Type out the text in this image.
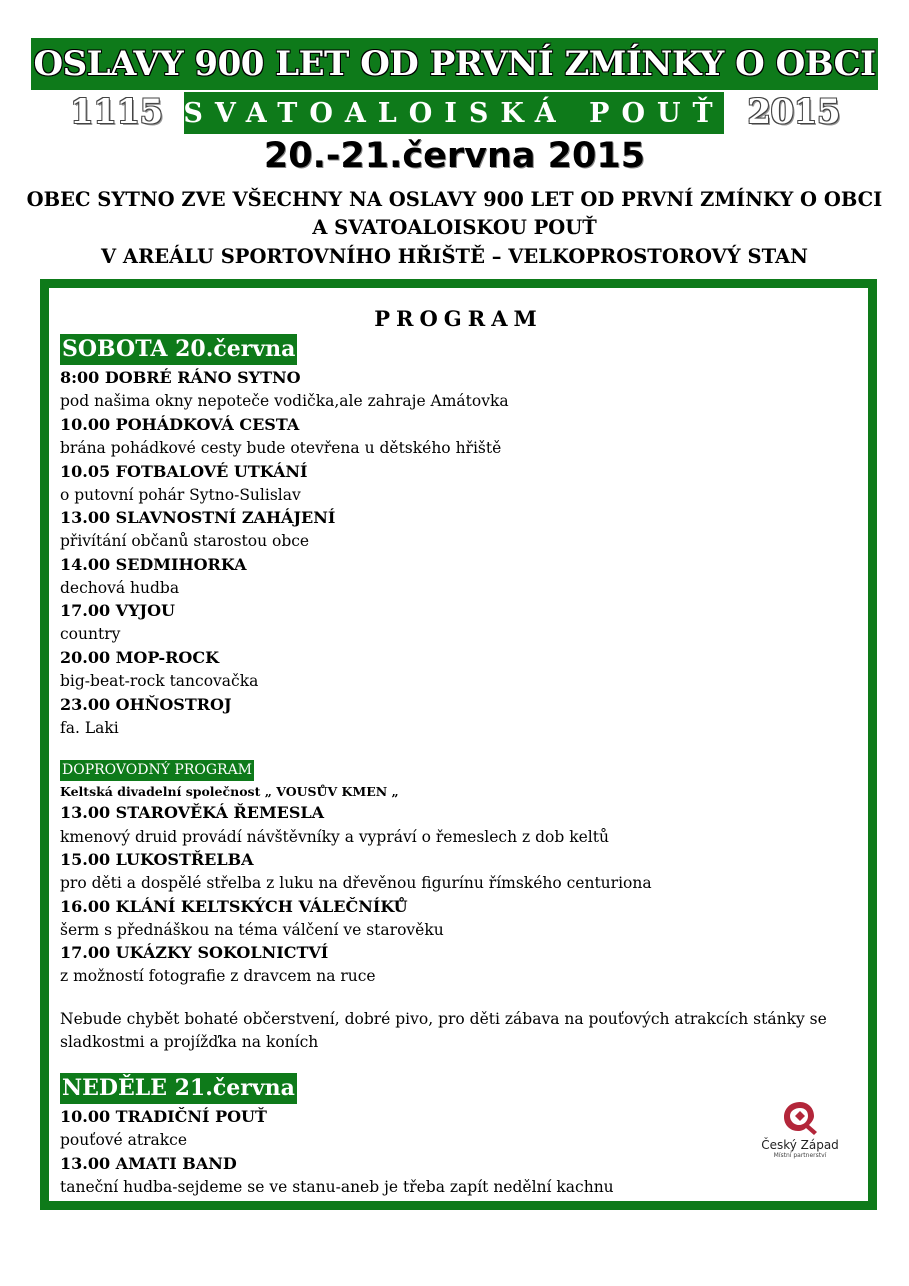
OSLAVY 900 LET OD PRVNÍ ZMÍNKY O OBCI
1115 SVATOALOISKÁ POUŤ 2015
20.-21.června 2015
OBEC SYTNO ZVE VŠECHNY NA OSLAVY 900 LET OD PRVNÍ ZMÍNKY O OBCI
A SVATOALOISKOU POUŤ
V AREÁLU SPORTOVNÍHO HŘIŠTĚ – VELKOPROSTOROVÝ STAN
PROGRAM
SOBOTA 20.června
8:00 DOBRÉ RÁNO SYTNO
pod našima okny nepoteče vodička,ale zahraje Amátovka
10.00 POHÁDKOVÁ CESTA
brána pohádkové cesty bude otevřena u dětského hřiště
10.05 FOTBALOVÉ UTKÁNÍ
o putovní pohár Sytno-Sulislav
13.00 SLAVNOSTNÍ ZAHÁJENÍ
přivítání občanů starostou obce
14.00 SEDMIHORKA
dechová hudba
17.00 VYJOU
country
20.00 MOP-ROCK
big-beat-rock tancovačka
23.00 OHŇOSTROJ
fa. Laki
DOPROVODNÝ PROGRAM
Keltská divadelní společnost „ VOUSŮV KMEN „
13.00 STAROVĚKÁ ŘEMESLA
kmenový druid provádí návštěvníky a vypráví o řemeslech z dob keltů
15.00 LUKOSTŘELBA
pro děti a dospělé střelba z luku na dřevěnou figurínu římského centuriona
16.00 KLÁNÍ KELTSKÝCH VÁLEČNÍKŮ
šerm s přednáškou na téma válčení ve starověku
17.00 UKÁZKY SOKOLNICTVÍ
z možností fotografie z dravcem na ruce
Nebude chybět bohaté občerstvení, dobré pivo, pro děti zábava na pouťových atrakcích stánky se sladkostmi a projížďka na koních
NEDĚLE 21.června
10.00 TRADIČNÍ POUŤ
pouťové atrakce
13.00 AMATI BAND
taneční hudba-sejdeme se ve stanu-aneb je třeba zapít nedělní kachnu
Český Západ
Místní partnerství
